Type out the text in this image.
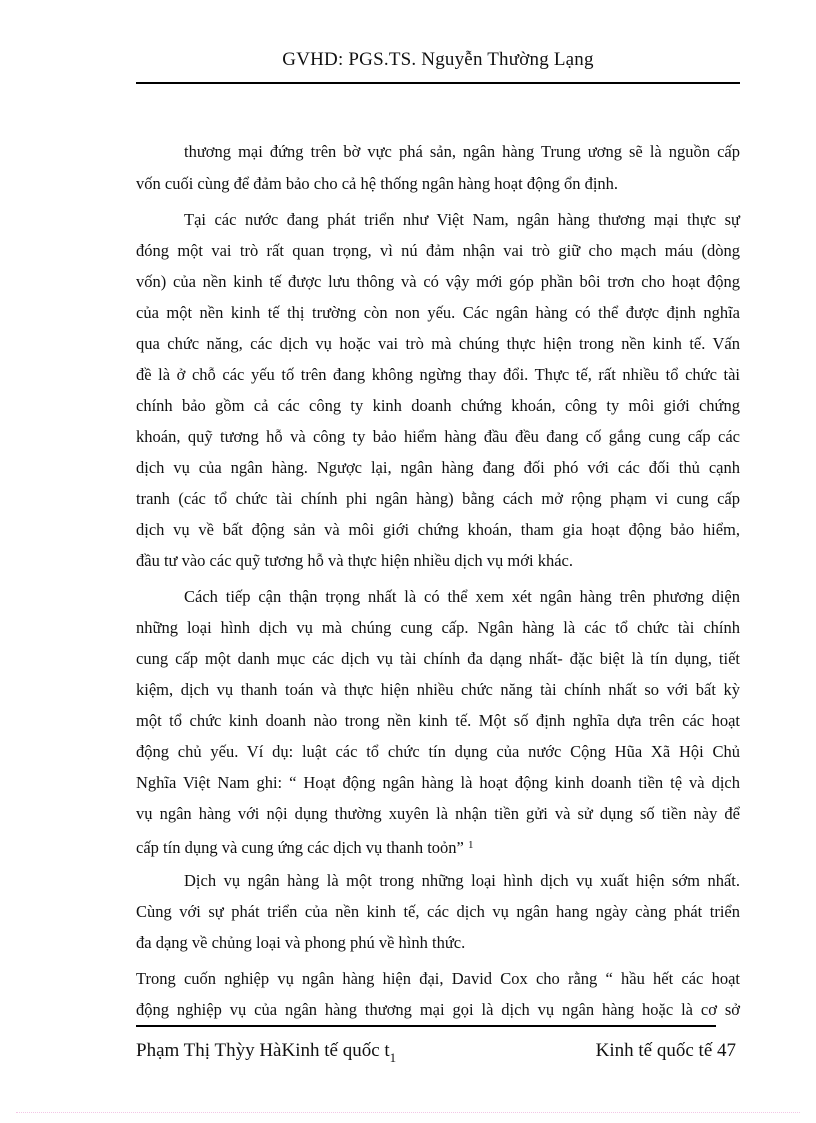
GVHD: PGS.TS. Nguyễn Thường Lạng
thương mại đứng trên bờ vực phá sản, ngân hàng Trung ương sẽ là nguồn cấp
vốn cuối cùng để đảm bảo cho cả hệ thống ngân hàng hoạt động ổn định.
Tại các nước đang phát triển như Việt Nam, ngân hàng thương mại thực sự
đóng một vai trò rất quan trọng, vì nú đảm nhận vai trò giữ cho mạch máu (dòng
vốn) của nền kinh tế được lưu thông và có vậy mới góp phần bôi trơn cho hoạt động
của một nền kinh tế thị trường còn non yếu. Các ngân hàng có thể được định nghĩa
qua chức năng, các dịch vụ hoặc vai trò mà chúng thực hiện trong nền kinh tế. Vấn
đề là ở chỗ các yếu tố trên đang không ngừng thay đổi. Thực tế, rất nhiều tổ chức tài
chính bảo gồm cả các công ty kinh doanh chứng khoán, công ty môi giới chứng
khoán, quỹ tương hỗ và công ty bảo hiểm hàng đầu đều đang cố gắng cung cấp các
dịch vụ của ngân hàng. Ngược lại, ngân hàng đang đối phó với các đối thủ cạnh
tranh (các tổ chức tài chính phi ngân hàng) bằng cách mở rộng phạm vi cung cấp
dịch vụ về bất động sản và môi giới chứng khoán, tham gia hoạt động bảo hiểm,
đầu tư vào các quỹ tương hỗ và thực hiện nhiều dịch vụ mới khác.
Cách tiếp cận thận trọng nhất là có thể xem xét ngân hàng trên phương diện
những loại hình dịch vụ mà chúng cung cấp. Ngân hàng là các tổ chức tài chính
cung cấp một danh mục các dịch vụ tài chính đa dạng nhất- đặc biệt là tín dụng, tiết
kiệm, dịch vụ thanh toán và thực hiện nhiều chức năng tài chính nhất so với bất kỳ
một tổ chức kinh doanh nào trong nền kinh tế. Một số định nghĩa dựa trên các hoạt
động chủ yếu. Ví dụ: luật các tổ chức tín dụng của nước Cộng Hũa Xã Hội Chủ
Nghĩa Việt Nam ghi: “ Hoạt động ngân hàng là hoạt động kinh doanh tiền tệ và dịch
vụ ngân hàng với nội dụng thường xuyên là nhận tiền gửi và sử dụng số tiền này để
cấp tín dụng và cung ứng các dịch vụ thanh toỏn” $^1$
Dịch vụ ngân hàng là một trong những loại hình dịch vụ xuất hiện sớm nhất.
Cùng với sự phát triển của nền kinh tế, các dịch vụ ngân hang ngày càng phát triển
đa dạng về chủng loại và phong phú về hình thức.
Trong cuốn nghiệp vụ ngân hàng hiện đại, David Cox cho rằng “ hầu hết các hoạt
động nghiệp vụ của ngân hàng thương mại gọi là dịch vụ ngân hàng hoặc là cơ sở
Phạm Thị Thỳy HàKinh tế quốc $t_1$	Kinh tế quốc tế 47
